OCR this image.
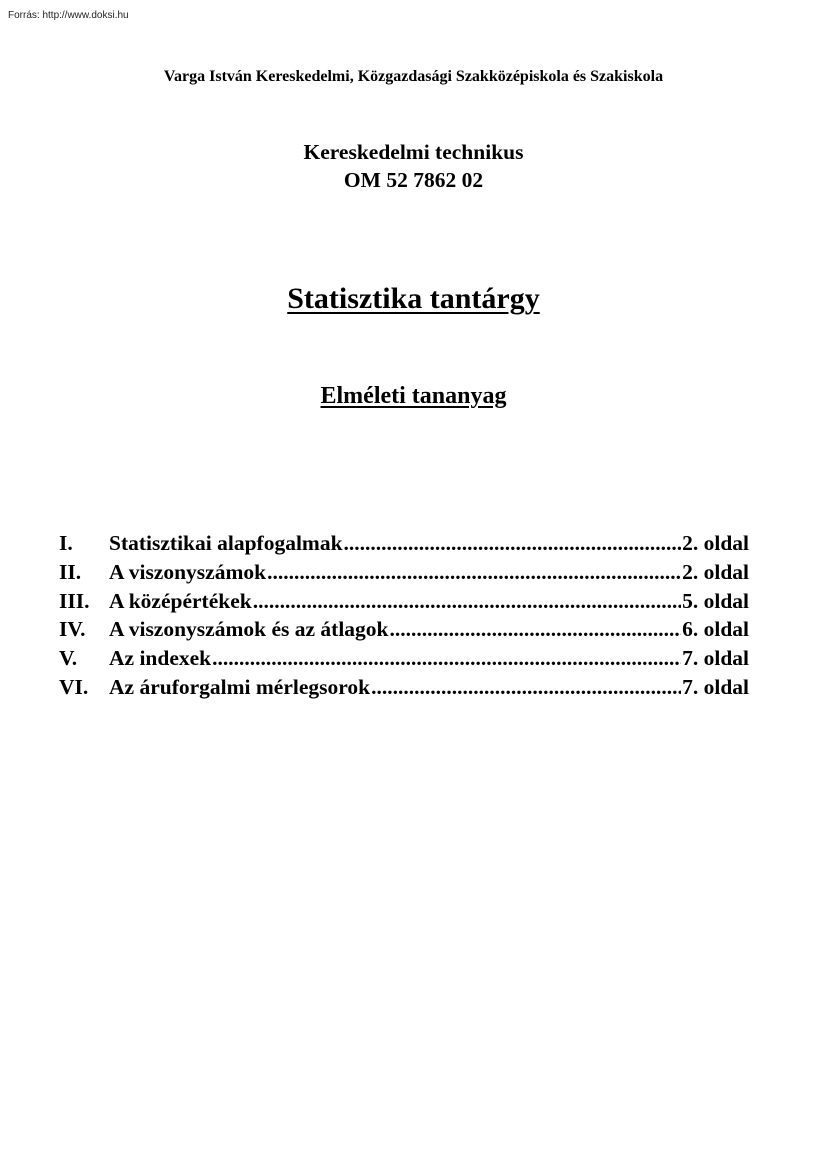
Forrás: http://www.doksi.hu
Varga István Kereskedelmi, Közgazdasági Szakközépiskola és Szakiskola
Kereskedelmi technikus
OM 52 7862 02
Statisztika tantárgy
Elméleti tananyag
I.	Statisztikai alapfogalmak .....	2. oldal
II.	A viszonyszámok .....	2. oldal
III. A középértékek .....	5. oldal
IV.	A viszonyszámok és az átlagok .....	6. oldal
V.	Az indexek .....	7. oldal
VI. Az áruforgalmi mérlegsorok .....	7. oldal
